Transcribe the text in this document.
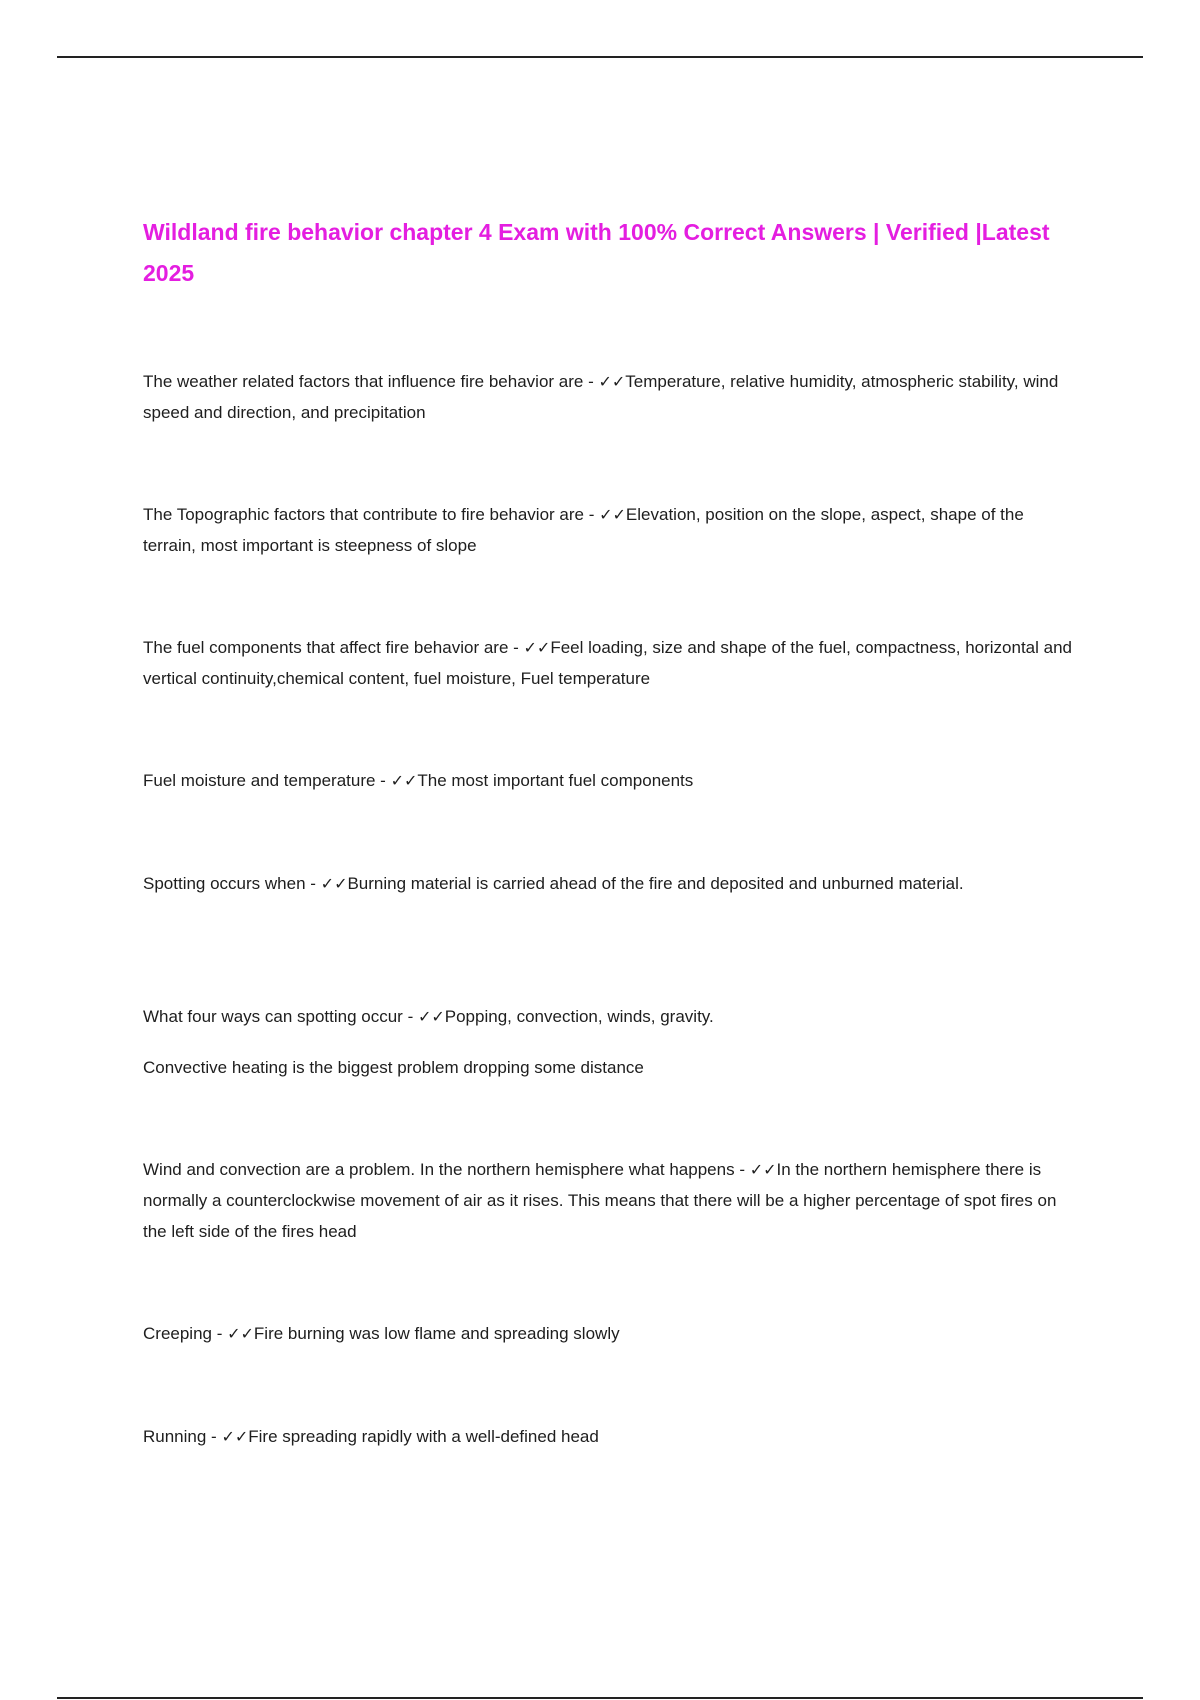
Wildland fire behavior chapter 4 Exam with 100% Correct Answers | Verified |Latest 2025

The weather related factors that influence fire behavior are - ✓✓Temperature, relative humidity, atmospheric stability, wind speed and direction, and precipitation

The Topographic factors that contribute to fire behavior are - ✓✓Elevation, position on the slope, aspect, shape of the terrain, most important is steepness of slope

The fuel components that affect fire behavior are - ✓✓Feel loading, size and shape of the fuel, compactness, horizontal and vertical continuity,chemical content, fuel moisture, Fuel temperature

Fuel moisture and temperature - ✓✓The most important fuel components

Spotting occurs when - ✓✓Burning material is carried ahead of the fire and deposited and unburned material.

What four ways can spotting occur - ✓✓Popping, convection, winds, gravity.

Convective heating is the biggest problem dropping some distance

Wind and convection are a problem. In the northern hemisphere what happens - ✓✓In the northern hemisphere there is normally a counterclockwise movement of air as it rises. This means that there will be a higher percentage of spot fires on the left side of the fires head

Creeping - ✓✓Fire burning was low flame and spreading slowly

Running - ✓✓Fire spreading rapidly with a well-defined head
